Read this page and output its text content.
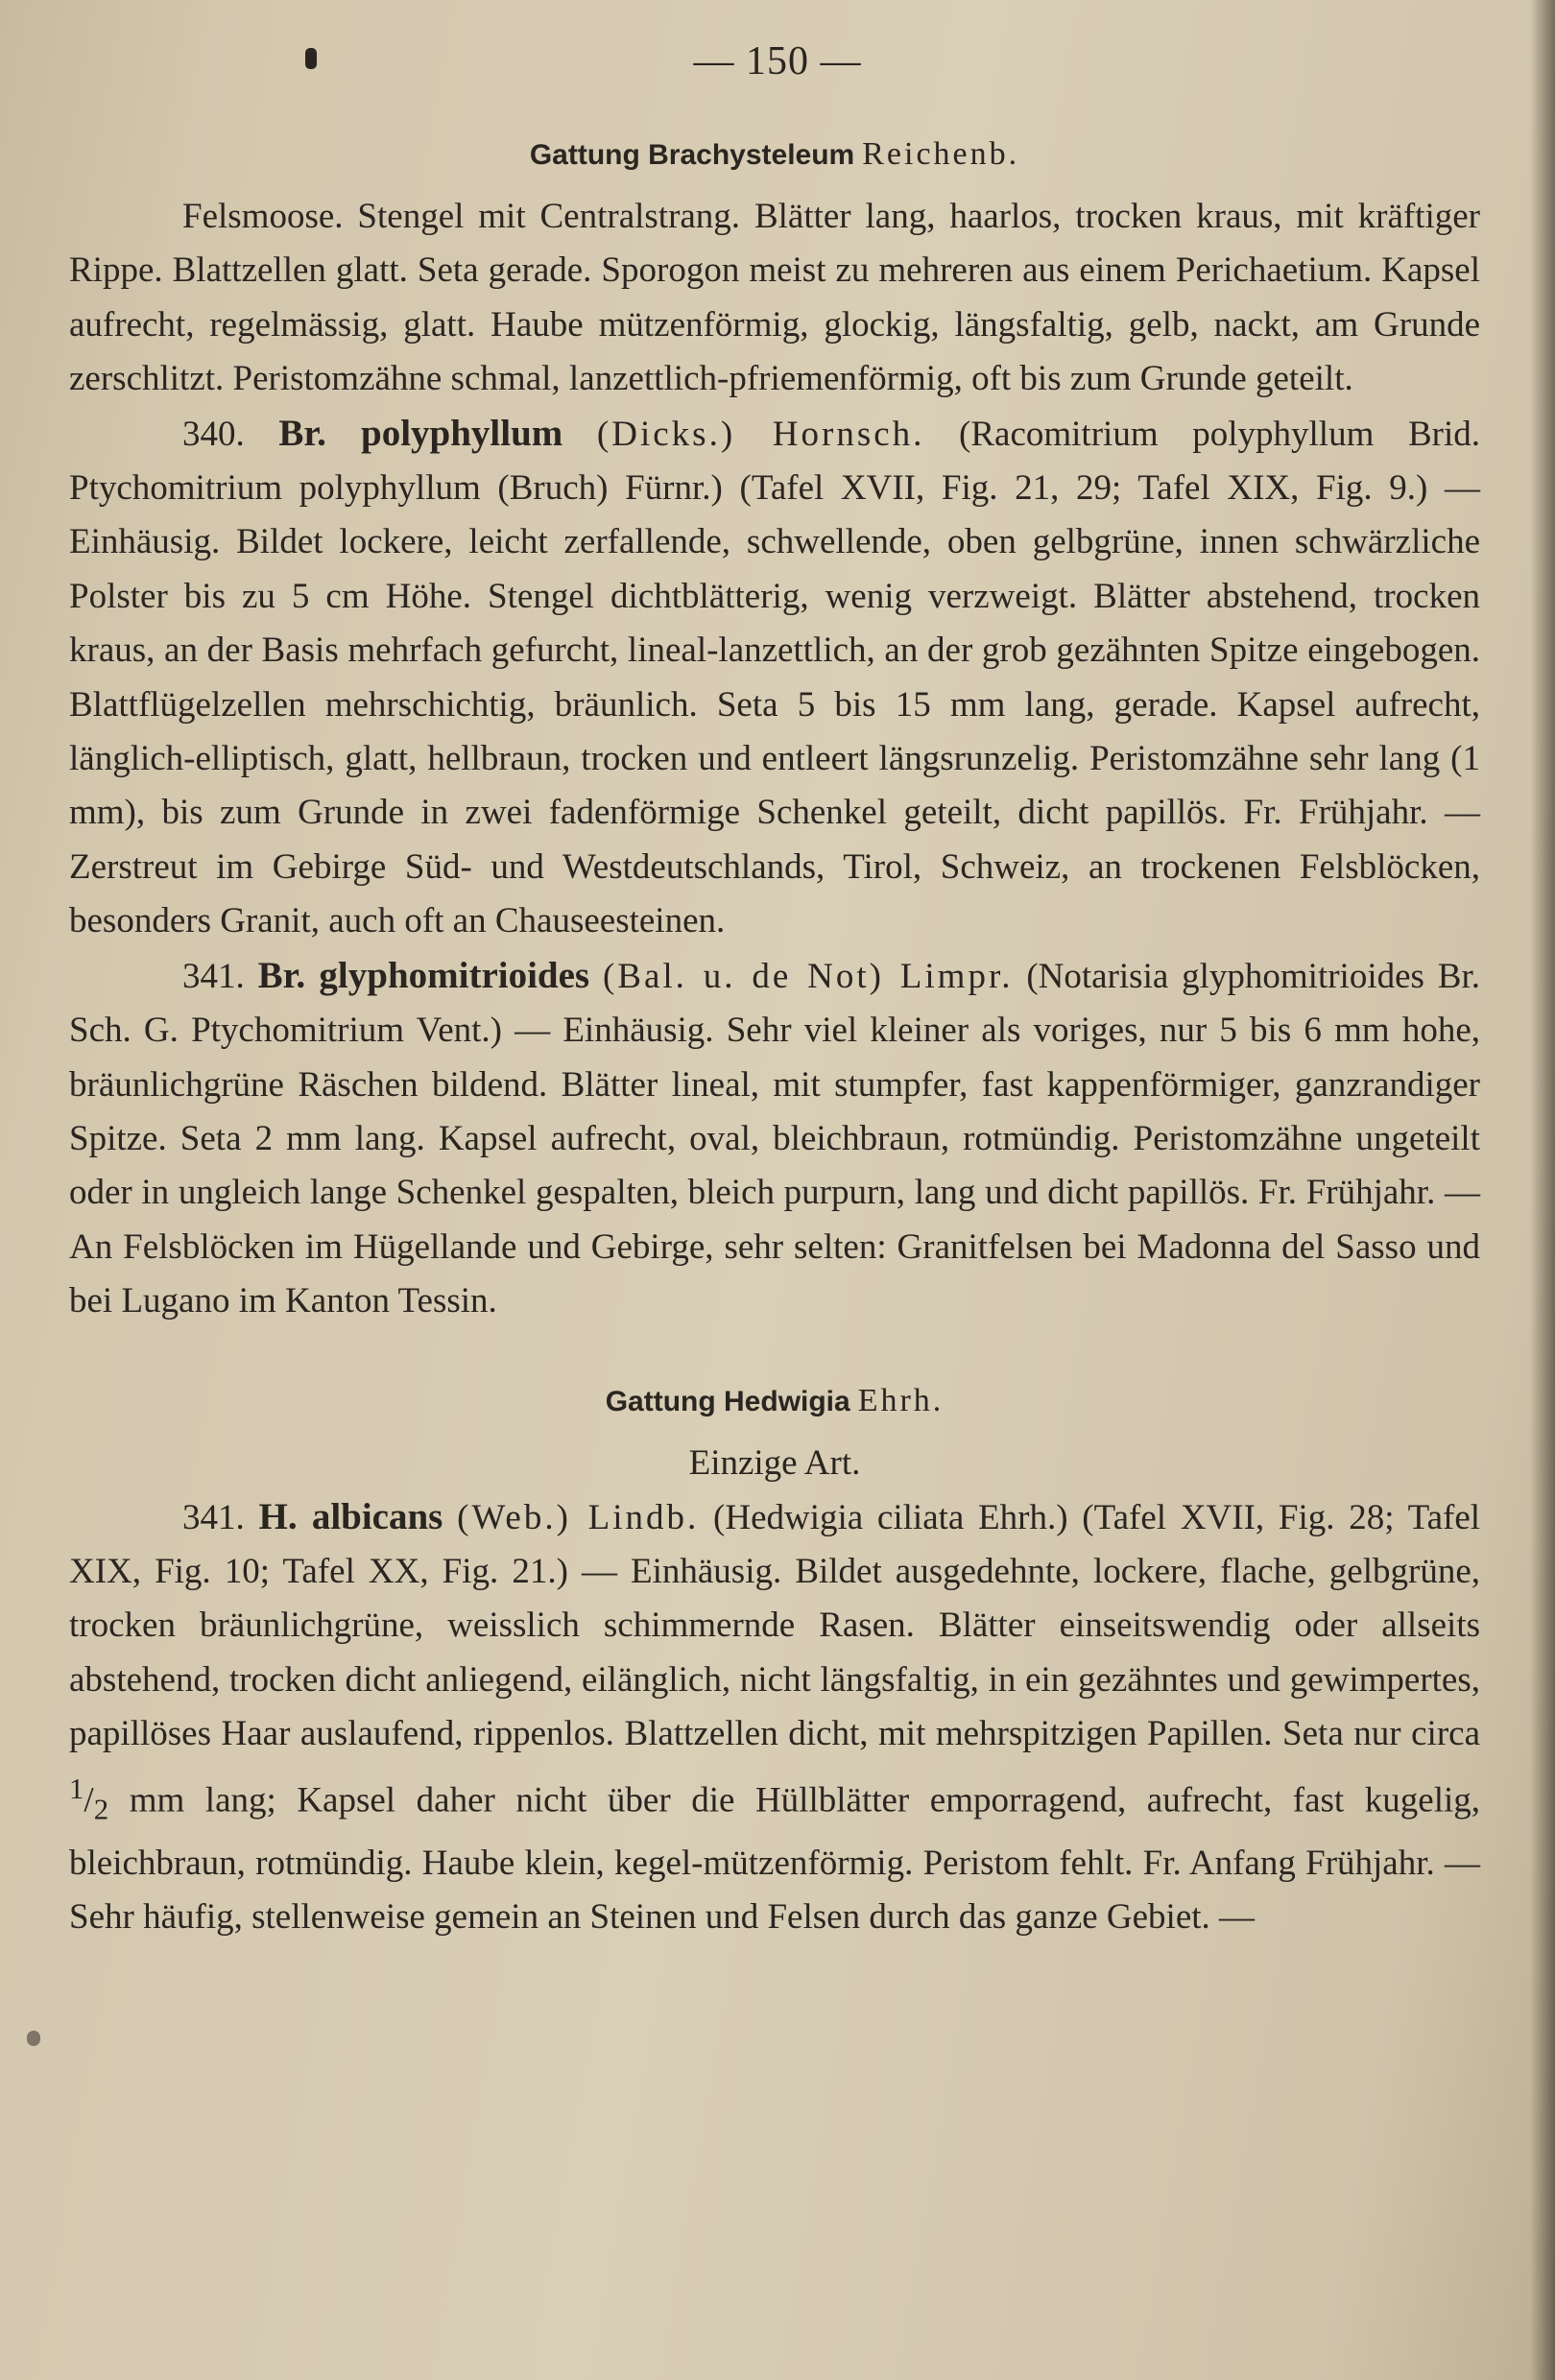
— 150 —
Gattung Brachysteleum Reichenb.

Felsmoose. Stengel mit Centralstrang. Blätter lang, haarlos, trocken kraus, mit kräftiger Rippe. Blattzellen glatt. Seta gerade. Sporogon meist zu mehreren aus einem Perichaetium. Kapsel aufrecht, regelmässig, glatt. Haube mützenförmig, glockig, längsfaltig, gelb, nackt, am Grunde zerschlitzt. Peristomzähne schmal, lanzettlich-pfriemenförmig, oft bis zum Grunde geteilt.

340. Br. polyphyllum (Dicks.) Hornsch. (Racomitrium polyphyllum Brid. Ptychomitrium polyphyllum (Bruch) Fürnr.) (Tafel XVII, Fig. 21, 29; Tafel XIX, Fig. 9.) — Einhäusig. Bildet lockere, leicht zerfallende, schwellende, oben gelbgrüne, innen schwärzliche Polster bis zu 5 cm Höhe. Stengel dichtblätterig, wenig verzweigt. Blätter abstehend, trocken kraus, an der Basis mehrfach gefurcht, lineal-lanzettlich, an der grob gezähnten Spitze eingebogen. Blattflügelzellen mehrschichtig, bräunlich. Seta 5 bis 15 mm lang, gerade. Kapsel aufrecht, länglich-elliptisch, glatt, hellbraun, trocken und entleert längsrunzelig. Peristomzähne sehr lang (1 mm), bis zum Grunde in zwei fadenförmige Schenkel geteilt, dicht papillös. Fr. Frühjahr. — Zerstreut im Gebirge Süd- und Westdeutschlands, Tirol, Schweiz, an trockenen Felsblöcken, besonders Granit, auch oft an Chauseesteinen.

341. Br. glyphomitrioides (Bal. u. de Not) Limpr. (Notarisia glyphomitrioides Br. Sch. G. Ptychomitrium Vent.) — Einhäusig. Sehr viel kleiner als voriges, nur 5 bis 6 mm hohe, bräunlichgrüne Räschen bildend. Blätter lineal, mit stumpfer, fast kappenförmiger, ganzrandiger Spitze. Seta 2 mm lang. Kapsel aufrecht, oval, bleichbraun, rotmündig. Peristomzähne ungeteilt oder in ungleich lange Schenkel gespalten, bleich purpurn, lang und dicht papillös. Fr. Frühjahr. — An Felsblöcken im Hügellande und Gebirge, sehr selten: Granitfelsen bei Madonna del Sasso und bei Lugano im Kanton Tessin.

Gattung Hedwigia Ehrh.
Einzige Art.

341. H. albicans (Web.) Lindb. (Hedwigia ciliata Ehrh.) (Tafel XVII, Fig. 28; Tafel XIX, Fig. 10; Tafel XX, Fig. 21.) — Einhäusig. Bildet ausgedehnte, lockere, flache, gelbgrüne, trocken bräunlichgrüne, weisslich schimmernde Rasen. Blätter einseitswendig oder allseits abstehend, trocken dicht anliegend, eilänglich, nicht längsfaltig, in ein gezähntes und gewimpertes, papillöses Haar auslaufend, rippenlos. Blattzellen dicht, mit mehrspitzigen Papillen. Seta nur circa $^1/_2$ mm lang; Kapsel daher nicht über die Hüllblätter emporragend, aufrecht, fast kugelig, bleichbraun, rotmündig. Haube klein, kegel-mützenförmig. Peristom fehlt. Fr. Anfang Frühjahr. — Sehr häufig, stellenweise gemein an Steinen und Felsen durch das ganze Gebiet. —
